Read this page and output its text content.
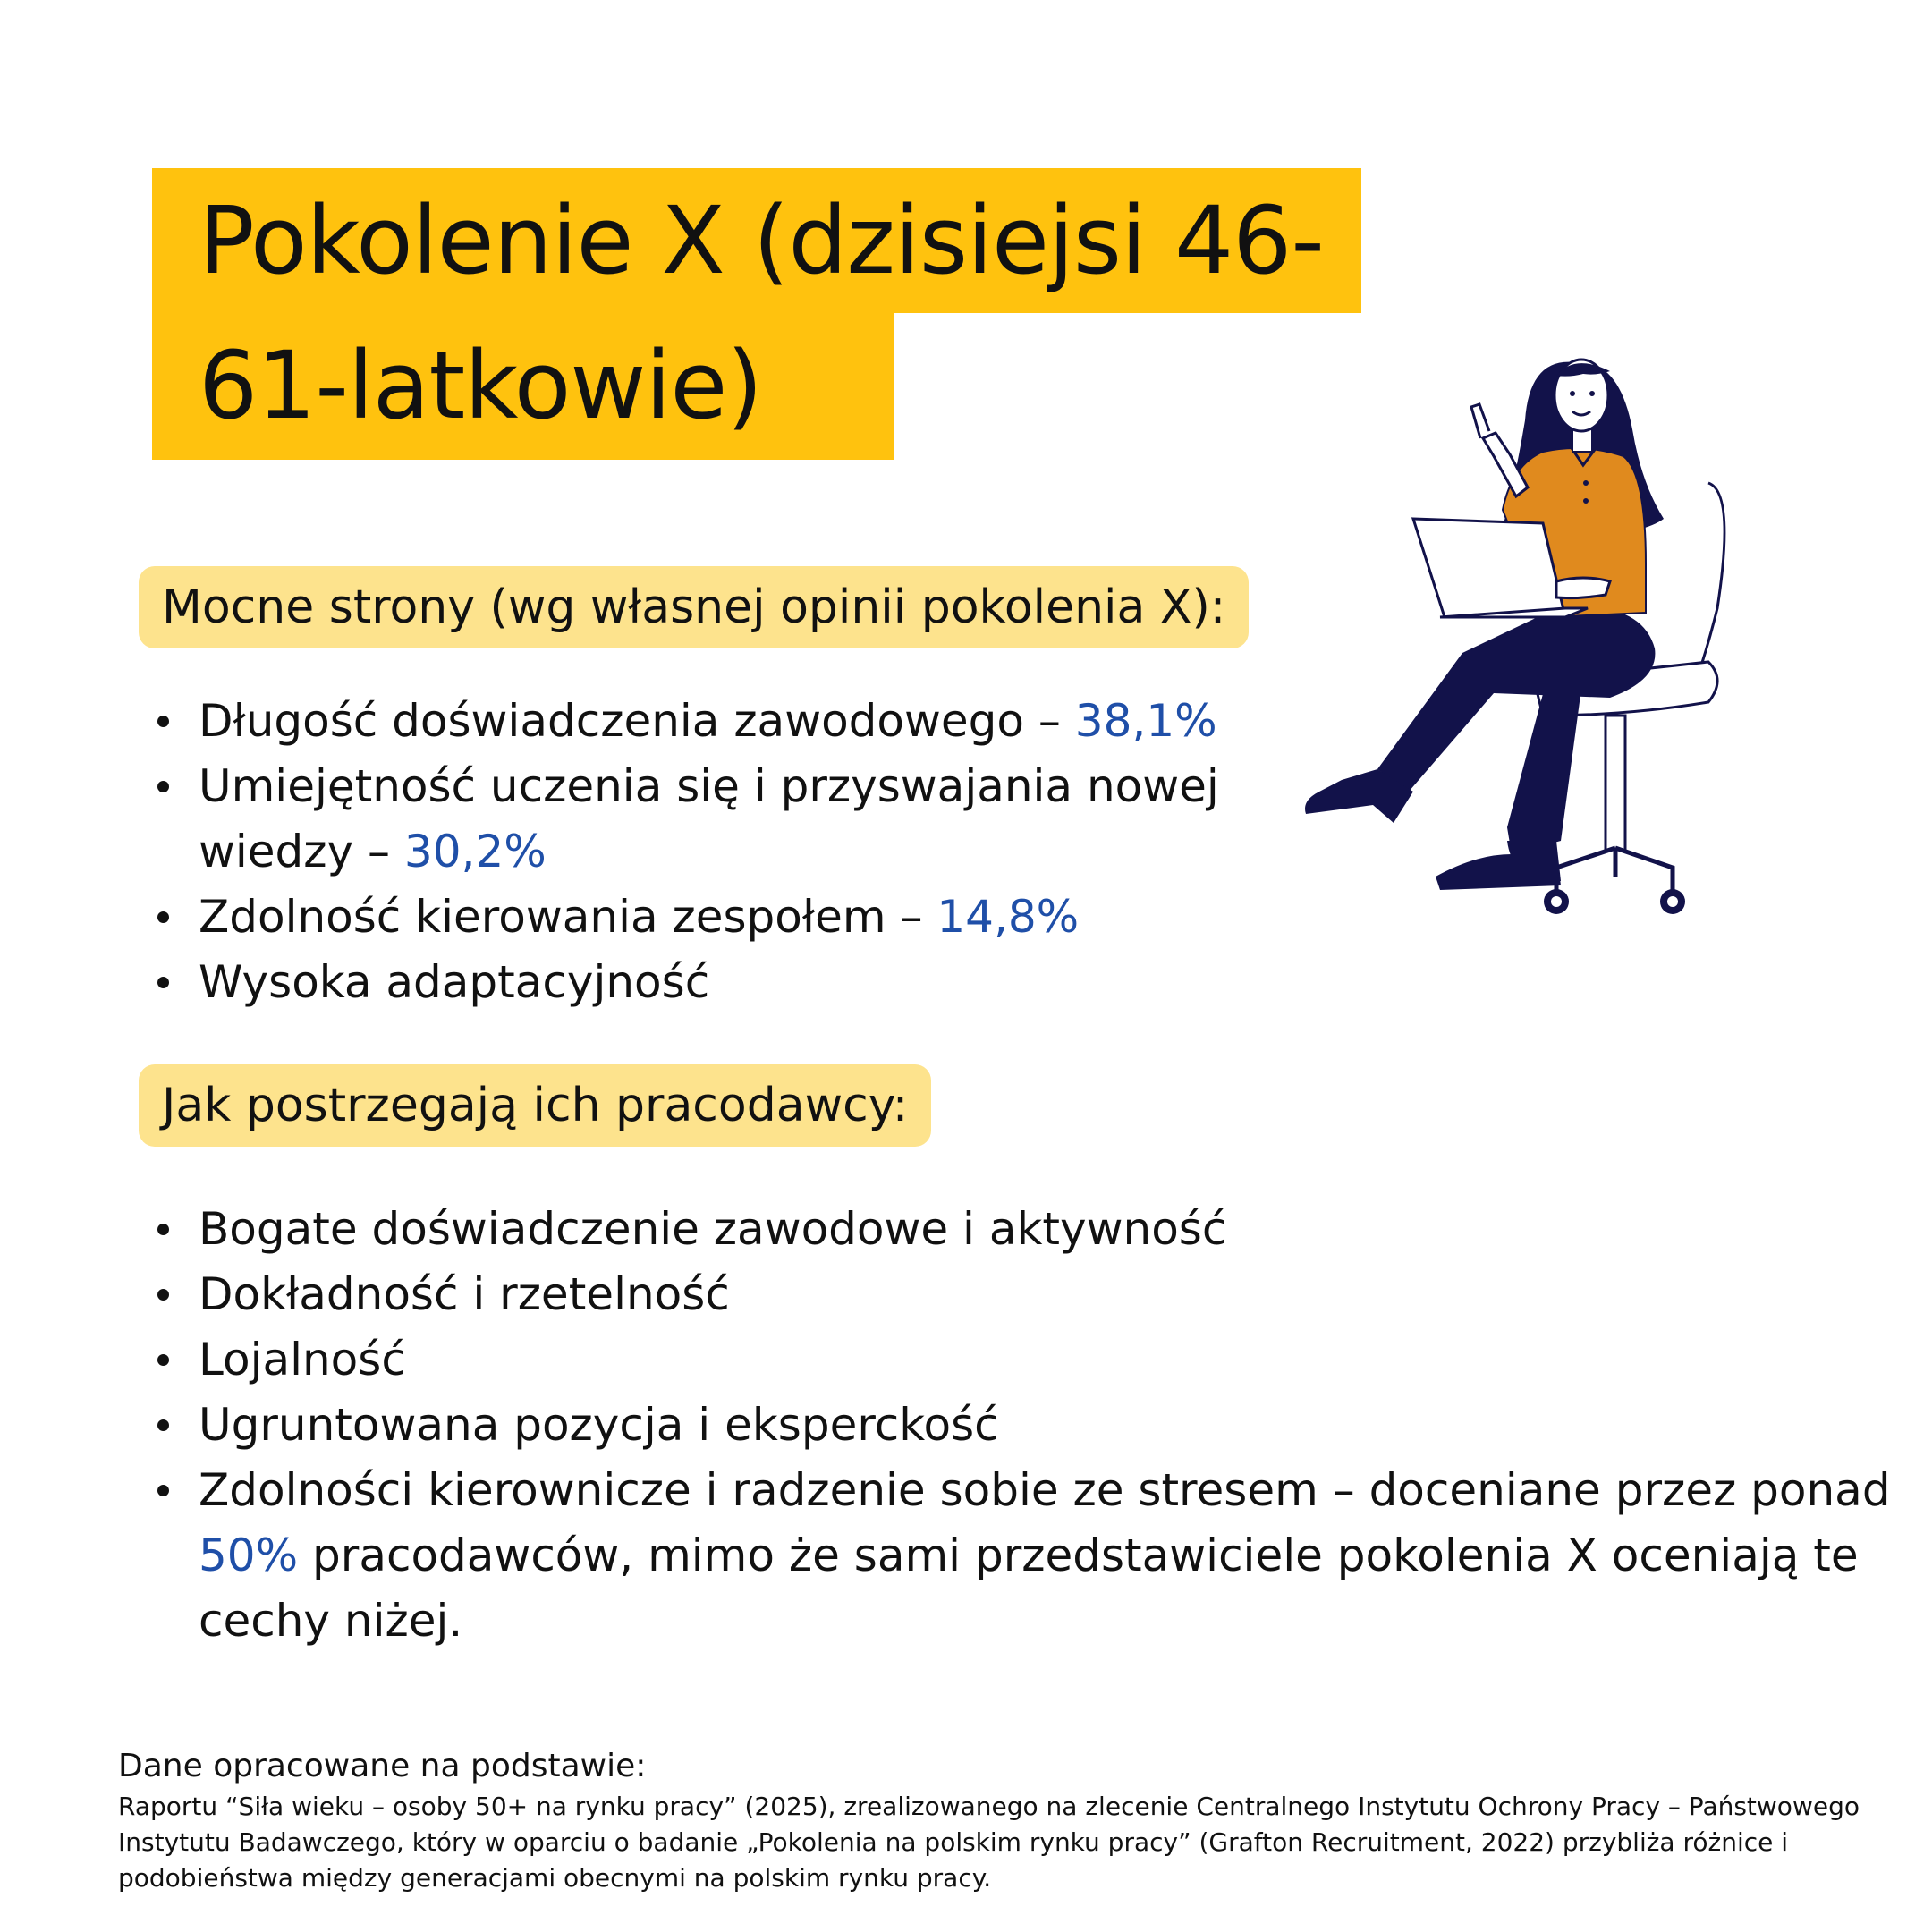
Pokolenie X (dzisiejsi 46-
61-latkowie)
Mocne strony (wg własnej opinii pokolenia X):
Długość doświadczenia zawodowego – 38,1%
Umiejętność uczenia się i przyswajania nowej wiedzy – 30,2%
Zdolność kierowania zespołem – 14,8%
Wysoka adaptacyjność
Jak postrzegają ich pracodawcy:
Bogate doświadczenie zawodowe i aktywność
Dokładność i rzetelność
Lojalność
Ugruntowana pozycja i eksperckość
Zdolności kierownicze i radzenie sobie ze stresem – doceniane przez ponad 50% pracodawców, mimo że sami przedstawiciele pokolenia X oceniają te cechy niżej.
Dane opracowane na podstawie:
Raportu “Siła wieku – osoby 50+ na rynku pracy” (2025), zrealizowanego na zlecenie Centralnego Instytutu Ochrony Pracy – Państwowego Instytutu Badawczego, który w oparciu o badanie „Pokolenia na polskim rynku pracy” (Grafton Recruitment, 2022) przybliża różnice i podobieństwa między generacjami obecnymi na polskim rynku pracy.
